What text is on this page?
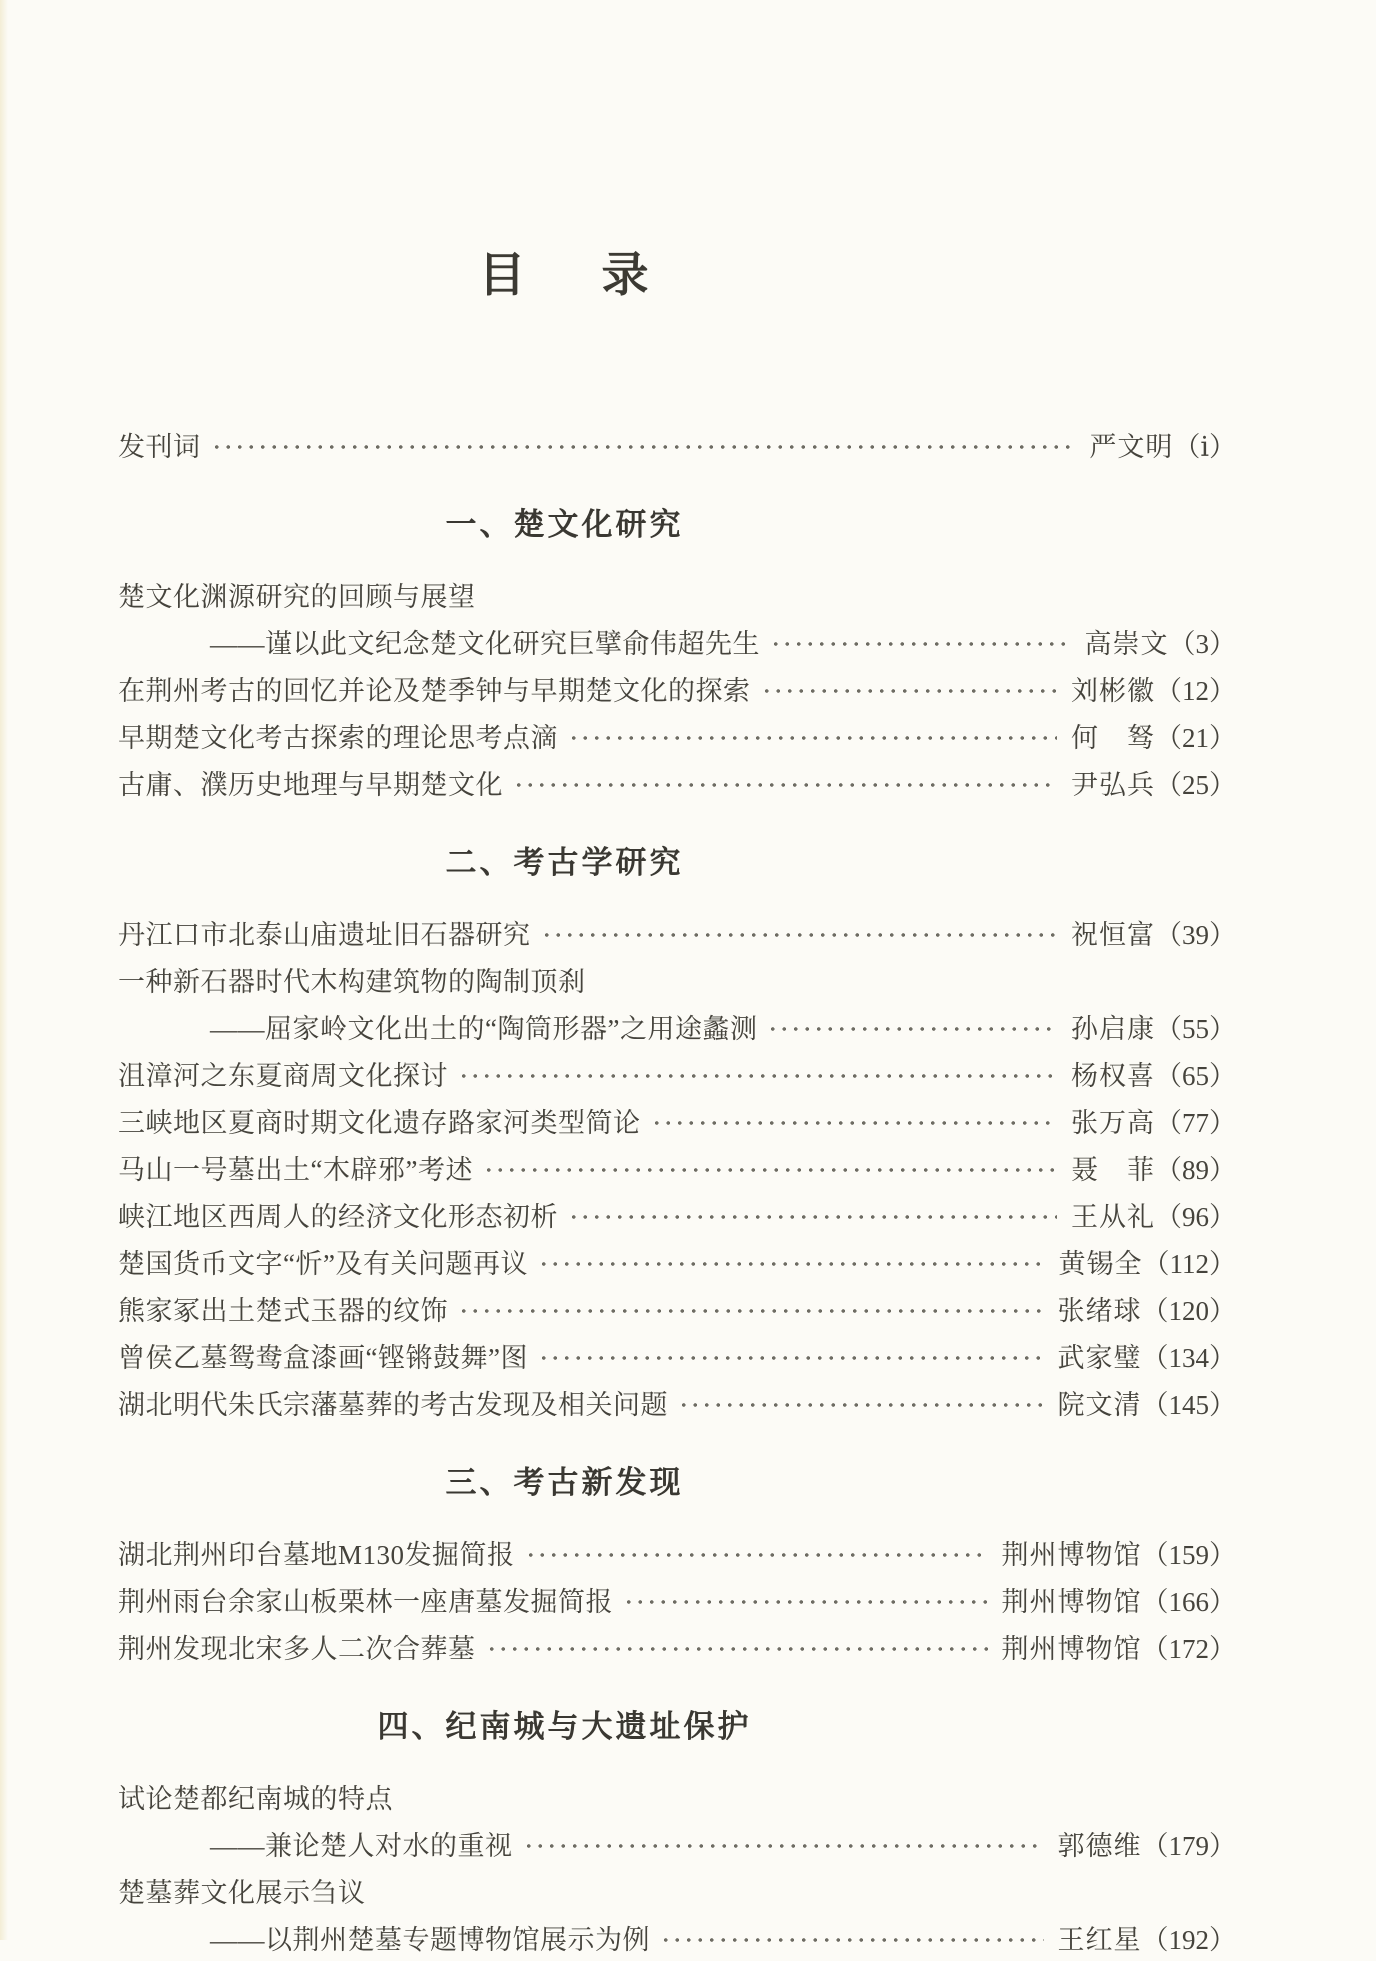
目 录
发刊词	严文明 （ⅰ）
一、楚文化研究
楚文化渊源研究的回顾与展望
——谨以此文纪念楚文化研究巨擘俞伟超先生	高崇文 （3）
在荆州考古的回忆并论及楚季钟与早期楚文化的探索	刘彬徽 （12）
早期楚文化考古探索的理论思考点滴	何　驽 （21）
古庸、濮历史地理与早期楚文化	尹弘兵 （25）
二、考古学研究
丹江口市北泰山庙遗址旧石器研究	祝恒富 （39）
一种新石器时代木构建筑物的陶制顶刹
——屈家岭文化出土的“陶筒形器”之用途蠡测	孙启康 （55）
沮漳河之东夏商周文化探讨	杨权喜 （65）
三峡地区夏商时期文化遗存路家河类型简论	张万高 （77）
马山一号墓出土“木辟邪”考述	聂　菲 （89）
峡江地区西周人的经济文化形态初析	王从礼 （96）
楚国货币文字“忻”及有关问题再议	黄锡全 （112）
熊家冢出土楚式玉器的纹饰	张绪球 （120）
曾侯乙墓鸳鸯盒漆画“铿锵鼓舞”图	武家璧 （134）
湖北明代朱氏宗藩墓葬的考古发现及相关问题	院文清 （145）
三、考古新发现
湖北荆州印台墓地M130发掘简报	荆州博物馆 （159）
荆州雨台余家山板栗林一座唐墓发掘简报	荆州博物馆 （166）
荆州发现北宋多人二次合葬墓	荆州博物馆 （172）
四、纪南城与大遗址保护
试论楚都纪南城的特点
——兼论楚人对水的重视	郭德维 （179）
楚墓葬文化展示刍议
——以荆州楚墓专题博物馆展示为例	王红星 （192）
